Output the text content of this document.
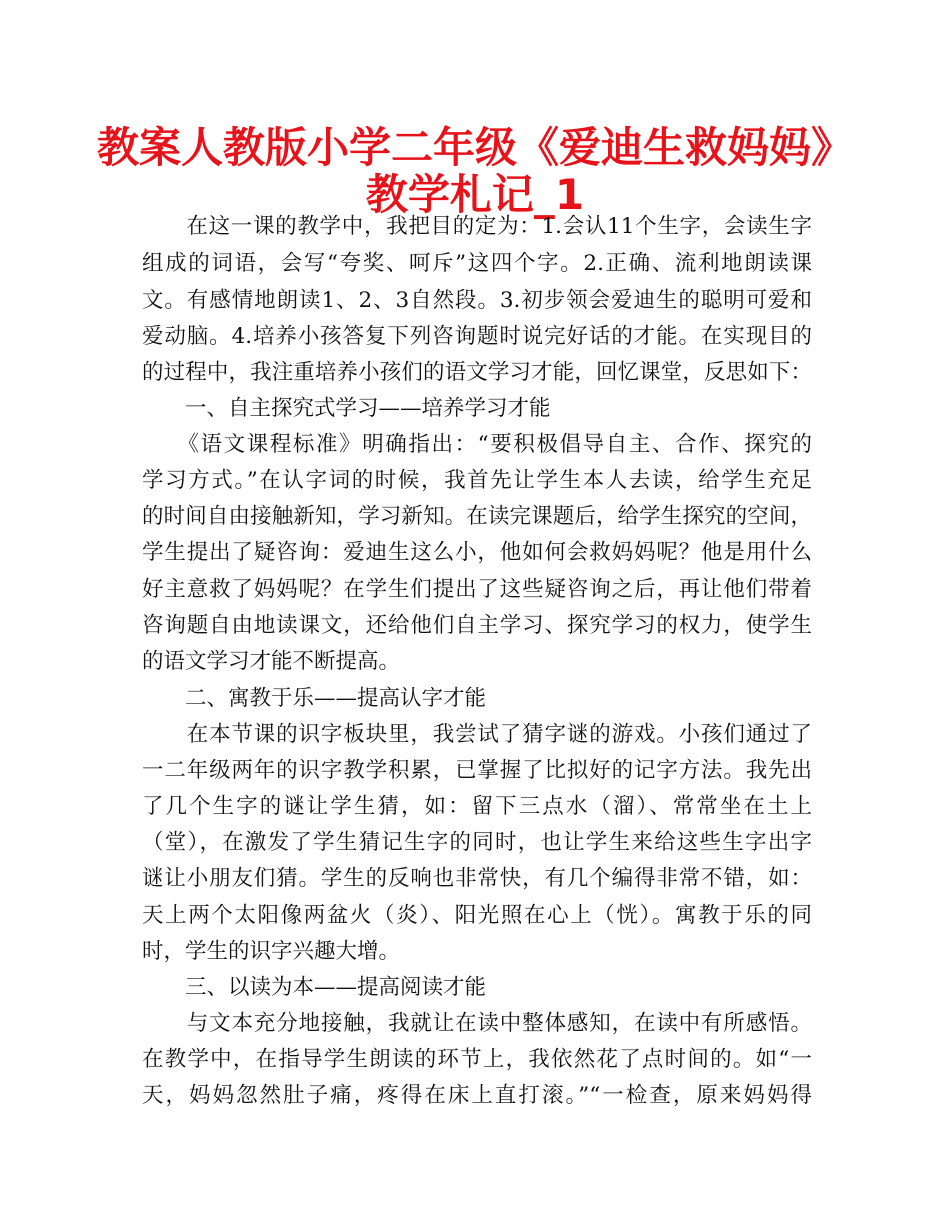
教案人教版小学二年级《爱迪生救妈妈》
教学札记_1
　　在这一课的教学中，我把目的定为：1.会认11个生字，会读生字
组成的词语，会写“夸奖、呵斥”这四个字。2.正确、流利地朗读课
文。有感情地朗读1、2、3自然段。3.初步领会爱迪生的聪明可爱和
爱动脑。4.培养小孩答复下列咨询题时说完好话的才能。在实现目的
的过程中，我注重培养小孩们的语文学习才能，回忆课堂，反思如下：
　　一、自主探究式学习——培养学习才能
　　《语文课程标准》明确指出：“要积极倡导自主、合作、探究的
学习方式。”在认字词的时候，我首先让学生本人去读，给学生充足
的时间自由接触新知，学习新知。在读完课题后，给学生探究的空间，
学生提出了疑咨询：爱迪生这么小，他如何会救妈妈呢？他是用什么
好主意救了妈妈呢？在学生们提出了这些疑咨询之后，再让他们带着
咨询题自由地读课文，还给他们自主学习、探究学习的权力，使学生
的语文学习才能不断提高。
　　二、寓教于乐——提高认字才能
　　在本节课的识字板块里，我尝试了猜字谜的游戏。小孩们通过了
一二年级两年的识字教学积累，已掌握了比拟好的记字方法。我先出
了几个生字的谜让学生猜，如：留下三点水（溜）、常常坐在土上
（堂），在激发了学生猜记生字的同时，也让学生来给这些生字出字
谜让小朋友们猜。学生的反响也非常快，有几个编得非常不错，如：
天上两个太阳像两盆火（炎）、阳光照在心上（恍）。寓教于乐的同
时，学生的识字兴趣大增。
　　三、以读为本——提高阅读才能
　　与文本充分地接触，我就让在读中整体感知，在读中有所感悟。
在教学中，在指导学生朗读的环节上，我依然花了点时间的。如“一
天，妈妈忽然肚子痛，疼得在床上直打滚。”“一检查，原来妈妈得
